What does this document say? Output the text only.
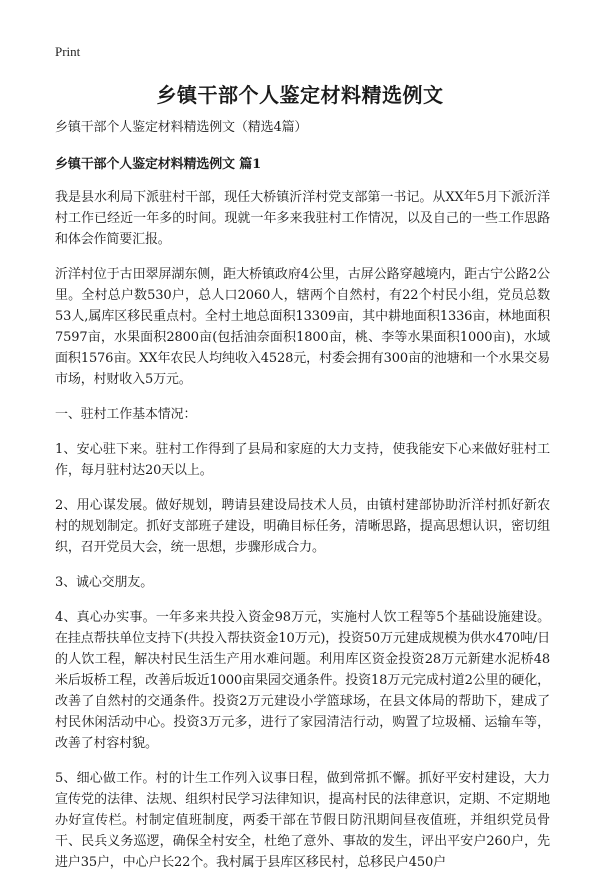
Print
乡镇干部个人鉴定材料精选例文

乡镇干部个人鉴定材料精选例文（精选4篇）

乡镇干部个人鉴定材料精选例文 篇1

我是县水利局下派驻村干部，现任大桥镇沂洋村党支部第一书记。从XX年5月下派沂洋村工作已经近一年多的时间。现就一年多来我驻村工作情况，以及自己的一些工作思路和体会作简要汇报。

沂洋村位于古田翠屏湖东侧，距大桥镇政府4公里，古屏公路穿越境内，距古宁公路2公里。全村总户数530户，总人口2060人，辖两个自然村，有22个村民小组，党员总数53人,属库区移民重点村。全村土地总面积13309亩，其中耕地面积1336亩，林地面积7597亩，水果面积2800亩(包括油奈面积1800亩，桃、李等水果面积1000亩)，水域面积1576亩。XX年农民人均纯收入4528元，村委会拥有300亩的池塘和一个水果交易市场，村财收入5万元。

一、驻村工作基本情况：

1、安心驻下来。驻村工作得到了县局和家庭的大力支持，使我能安下心来做好驻村工作，每月驻村达20天以上。

2、用心谋发展。做好规划，聘请县建设局技术人员，由镇村建部协助沂洋村抓好新农村的规划制定。抓好支部班子建设，明确目标任务，清晰思路，提高思想认识，密切组织，召开党员大会，统一思想，步骤形成合力。

3、诚心交朋友。

4、真心办实事。一年多来共投入资金98万元，实施村人饮工程等5个基础设施建设。在挂点帮扶单位支持下(共投入帮扶资金10万元)，投资50万元建成规模为供水470吨/日的人饮工程，解决村民生活生产用水难问题。利用库区资金投资28万元新建水泥桥48米后坂桥工程，改善后坂近1000亩果园交通条件。投资18万元完成村道2公里的硬化，改善了自然村的交通条件。投资2万元建设小学篮球场，在县文体局的帮助下，建成了村民休闲活动中心。投资3万元多，进行了家园清洁行动，购置了垃圾桶、运输车等，改善了村容村貌。

5、细心做工作。村的计生工作列入议事日程，做到常抓不懈。抓好平安村建设，大力宣传党的法律、法规、组织村民学习法律知识，提高村民的法律意识，定期、不定期地办好宣传栏。村制定值班制度，两委干部在节假日防汛期间昼夜值班，并组织党员骨干、民兵义务巡逻，确保全村安全，杜绝了意外、事故的发生，评出平安户260户，先进户35户，中心户长22个。我村属于县库区移民村，总移民户450户
